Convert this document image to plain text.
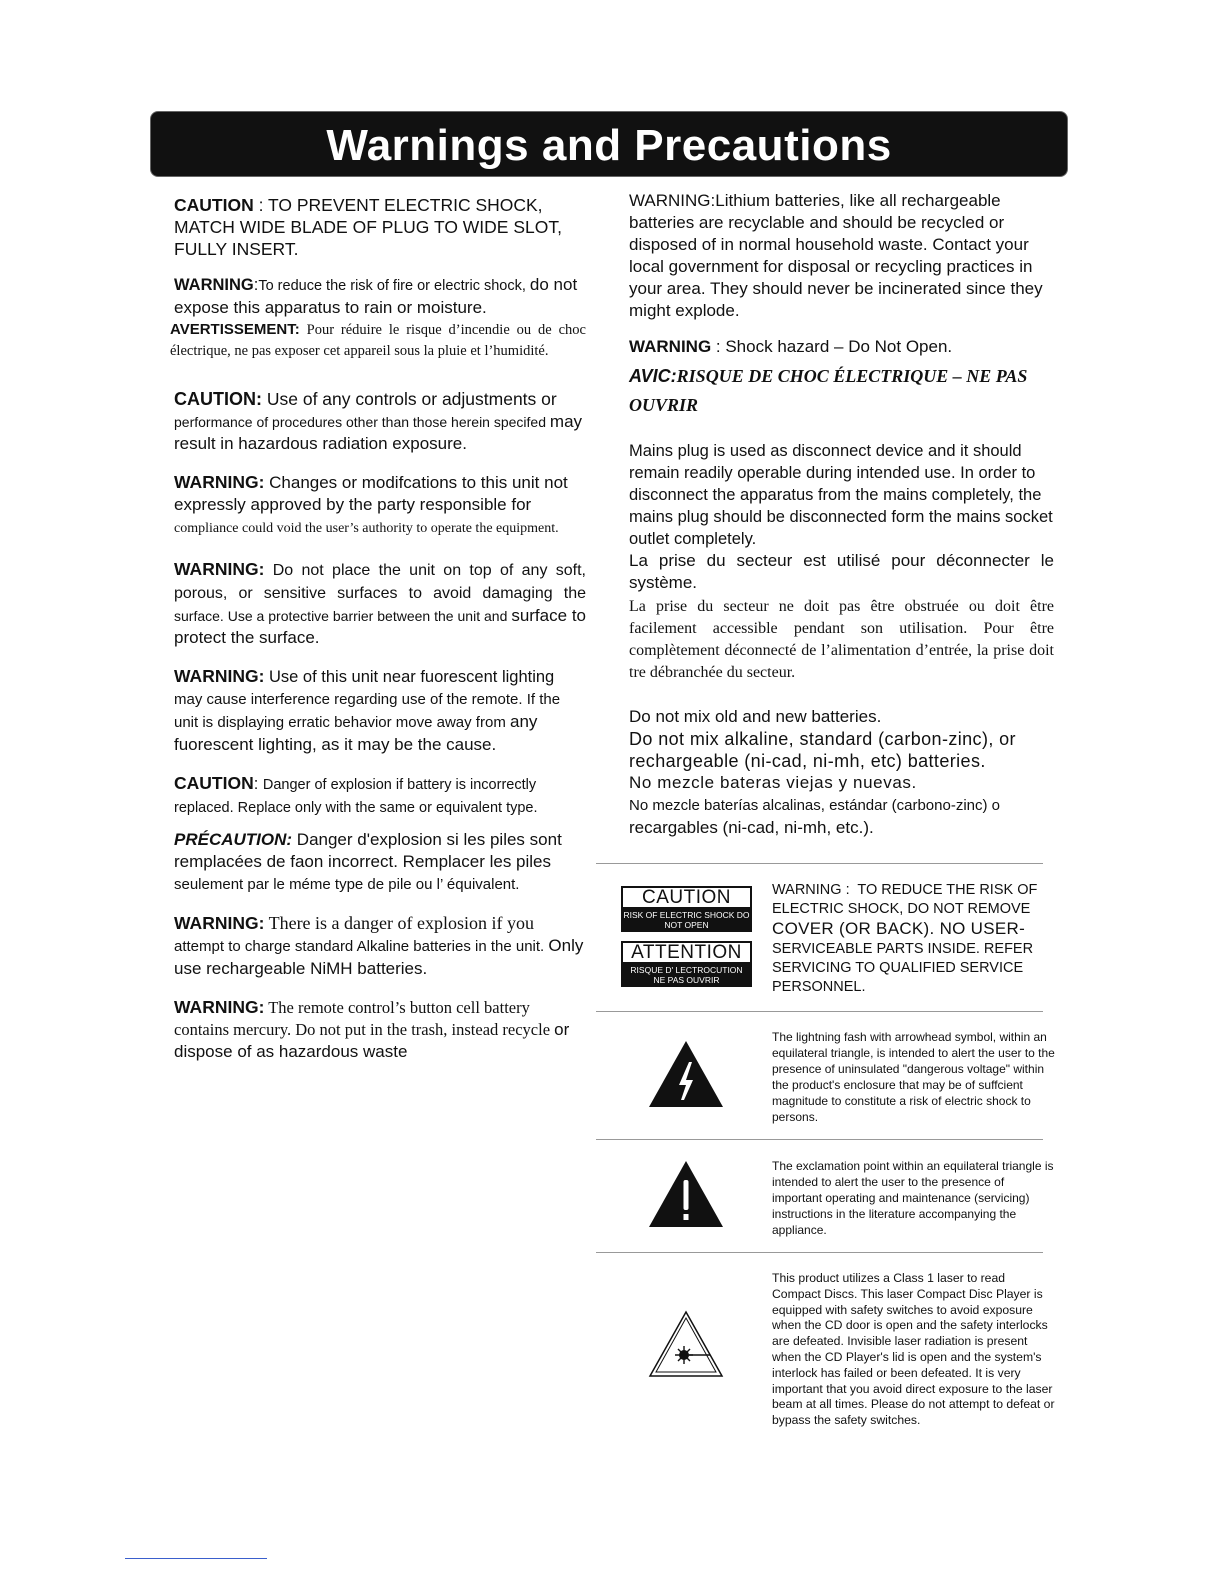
Warnings and Precautions

CAUTION : TO PREVENT ELECTRIC SHOCK, MATCH WIDE BLADE OF PLUG TO WIDE SLOT, FULLY INSERT.

WARNING:To reduce the risk of fire or electric shock, do not expose this apparatus to rain or moisture.

AVERTISSEMENT: Pour réduire le risque d’incendie ou de choc électrique, ne pas exposer cet appareil sous la pluie et l’humidité.

CAUTION: Use of any controls or adjustments or performance of procedures other than those herein specifed may result in hazardous radiation exposure.

WARNING: Changes or modifcations to this unit not expressly approved by the party responsible for compliance could void the user’s authority to operate the equipment.

WARNING: Do not place the unit on top of any soft, porous, or sensitive surfaces to avoid damaging the surface. Use a protective barrier between the unit and surface to protect the surface.

WARNING: Use of this unit near fuorescent lighting may cause interference regarding use of the remote. If the unit is displaying erratic behavior move away from any fuorescent lighting, as it may be the cause.

CAUTION: Danger of explosion if battery is incorrectly replaced. Replace only with the same or equivalent type.

PRÉCAUTION: Danger d'explosion si les piles sont remplacées de faon incorrect. Remplacer les piles seulement par le méme type de pile ou l’ équivalent.

WARNING: There is a danger of explosion if you attempt to charge standard Alkaline batteries in the unit. Only use rechargeable NiMH batteries.

WARNING: The remote control’s button cell battery contains mercury. Do not put in the trash, instead recycle or dispose of as hazardous waste

WARNING:Lithium batteries, like all rechargeable batteries are recyclable and should be recycled or disposed of in normal household waste. Contact your local government for disposal or recycling practices in your area. They should never be incinerated since they might explode.

WARNING : Shock hazard – Do Not Open.

AVIC:RISQUE DE CHOC ÉLECTRIQUE – NE PAS OUVRIR

Mains plug is used as disconnect device and it should remain readily operable during intended use. In order to disconnect the apparatus from the mains completely, the mains plug should be disconnected form the mains socket outlet completely.

La prise du secteur est utilisé pour déconnecter le système.

La prise du secteur ne doit pas être obstruée ou doit être facilement accessible pendant son utilisation. Pour être complètement déconnecté de l’alimentation d’entrée, la prise doit tre débranchée du secteur.

Do not mix old and new batteries.

Do not mix alkaline, standard (carbon-zinc), or rechargeable (ni-cad, ni-mh, etc) batteries.

No mezcle bateras viejas y nuevas.

No mezcle baterías alcalinas, estándar (carbono-zinc) o recargables (ni-cad, ni-mh, etc.).

CAUTION
RISK OF ELECTRIC SHOCK DO NOT OPEN
ATTENTION
RISQUE D' LECTROCUTION
NE PAS OUVRIR
WARNING : TO REDUCE THE RISK OF ELECTRIC SHOCK, DO NOT REMOVE
COVER (OR BACK). NO USER-
SERVICEABLE PARTS INSIDE. REFER SERVICING TO QUALIFIED SERVICE PERSONNEL.
The lightning fash with arrowhead symbol, within an equilateral triangle, is intended to alert the user to the presence of uninsulated "dangerous voltage" within the product's enclosure that may be of suffcient magnitude to constitute a risk of electric shock to persons.
The exclamation point within an equilateral triangle is intended to alert the user to the presence of important operating and maintenance (servicing) instructions in the literature accompanying the appliance.
This product utilizes a Class 1 laser to read Compact Discs. This laser Compact Disc Player is equipped with safety switches to avoid exposure when the CD door is open and the safety interlocks are defeated. Invisible laser radiation is present when the CD Player's lid is open and the system's interlock has failed or been defeated. It is very important that you avoid direct exposure to the laser beam at all times. Please do not attempt to defeat or bypass the safety switches.
